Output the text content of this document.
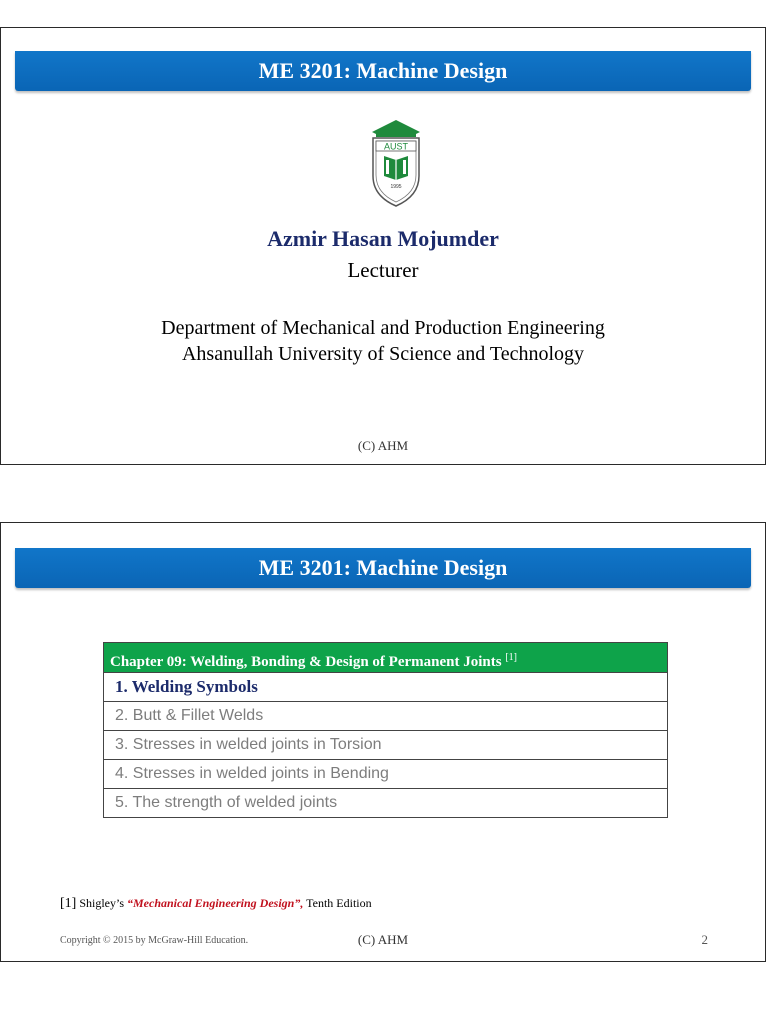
ME 3201: Machine Design
AUST
1995
Azmir Hasan Mojumder
Lecturer
Department of Mechanical and Production Engineering
Ahsanullah University of Science and Technology
(C) AHM
ME 3201: Machine Design
Chapter 09: Welding, Bonding & Design of Permanent Joints [1]
1. Welding Symbols
2. Butt & Fillet Welds
3. Stresses in welded joints in Torsion
4. Stresses in welded joints in Bending
5. The strength of welded joints
[1] Shigley’s “Mechanical Engineering Design”, Tenth Edition
Copyright © 2015 by McGraw-Hill Education.	(C) AHM	2
